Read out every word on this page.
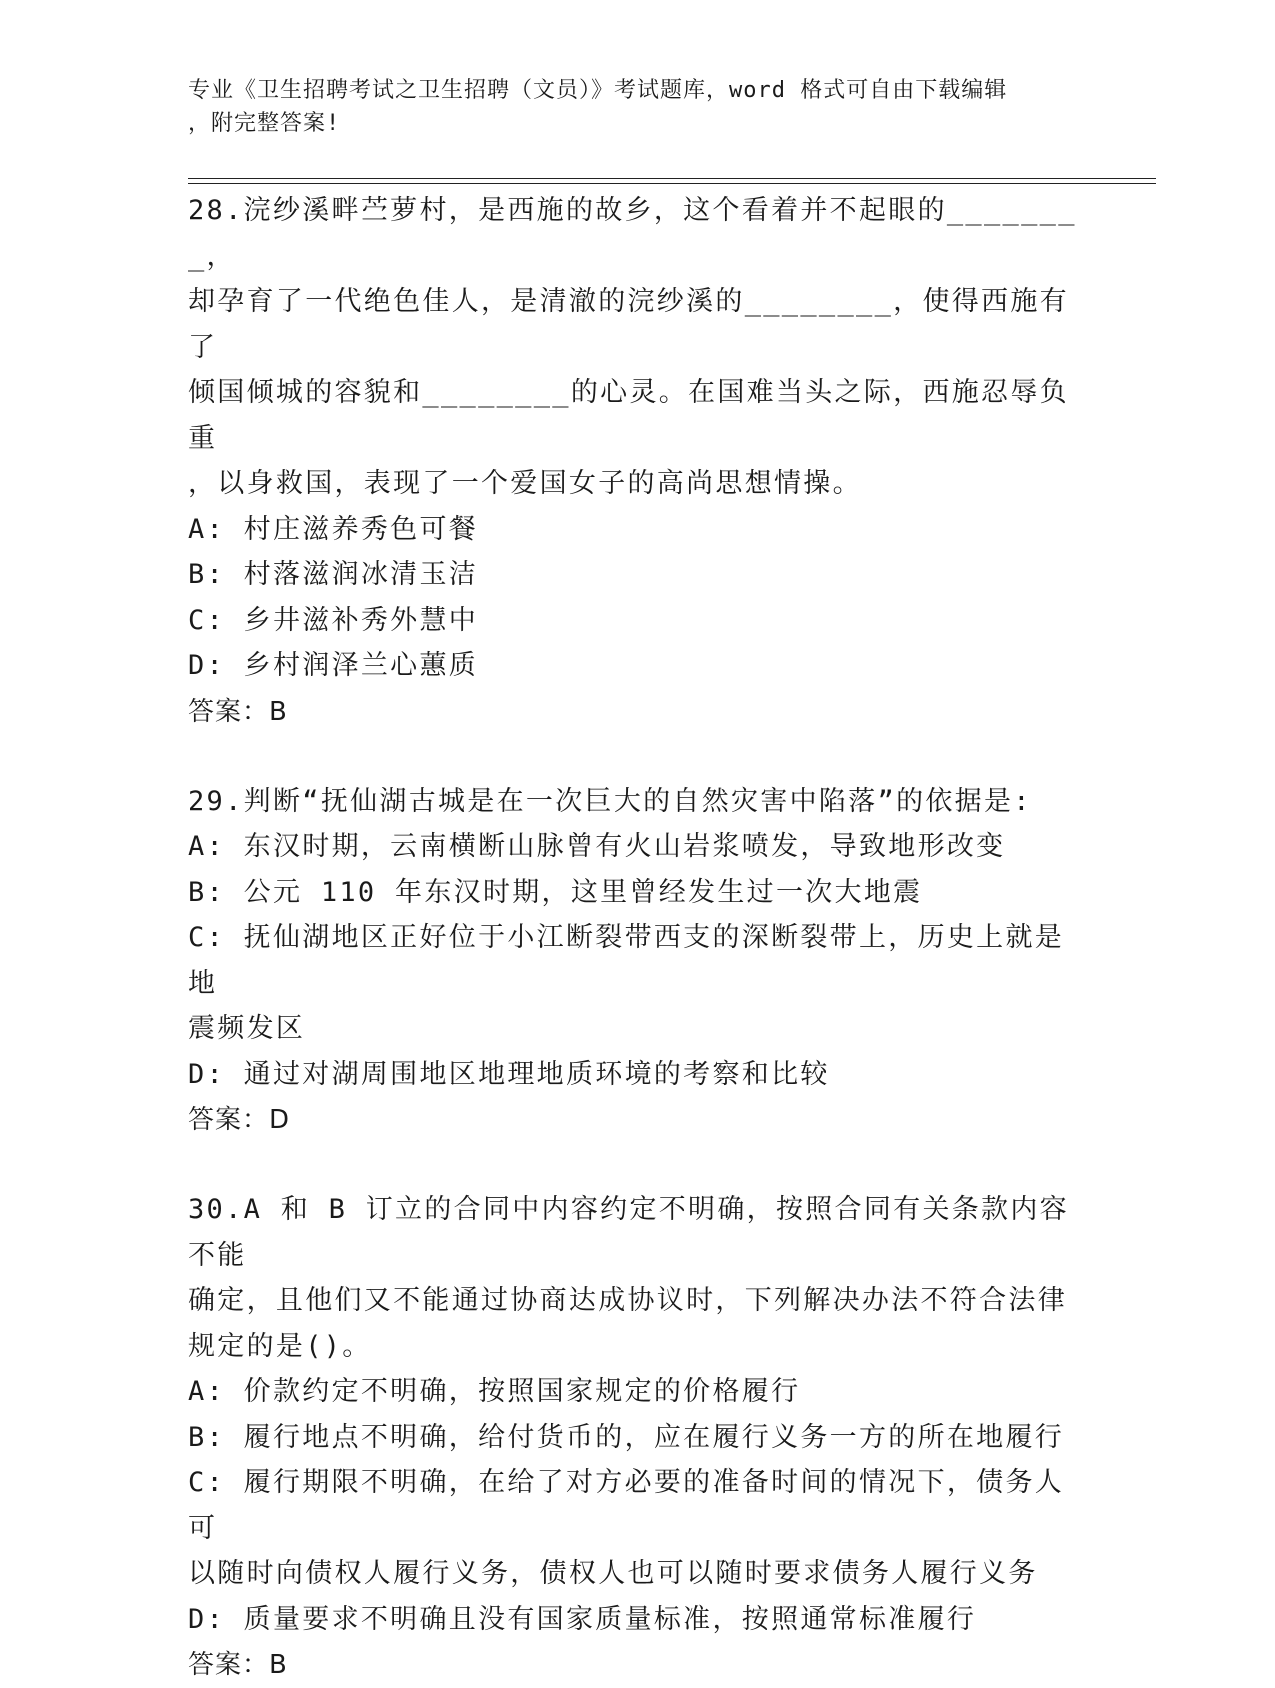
专业《卫生招聘考试之卫生招聘（文员）》考试题库，word 格式可自由下载编辑
，附完整答案!
28.浣纱溪畔苎萝村，是西施的故乡，这个看着并不起眼的________，
却孕育了一代绝色佳人，是清澈的浣纱溪的________，使得西施有了
倾国倾城的容貌和________的心灵。在国难当头之际，西施忍辱负重
，以身救国，表现了一个爱国女子的高尚思想情操。
A: 村庄滋养秀色可餐
B: 村落滋润冰清玉洁
C: 乡井滋补秀外慧中
D: 乡村润泽兰心蕙质
答案：B
29.判断“抚仙湖古城是在一次巨大的自然灾害中陷落”的依据是:
A: 东汉时期，云南横断山脉曾有火山岩浆喷发，导致地形改变
B: 公元 110 年东汉时期，这里曾经发生过一次大地震
C: 抚仙湖地区正好位于小江断裂带西支的深断裂带上，历史上就是地
震频发区
D: 通过对湖周围地区地理地质环境的考察和比较
答案：D
30.A 和 B 订立的合同中内容约定不明确，按照合同有关条款内容不能
确定，且他们又不能通过协商达成协议时，下列解决办法不符合法律
规定的是()。
A: 价款约定不明确，按照国家规定的价格履行
B: 履行地点不明确，给付货币的，应在履行义务一方的所在地履行
C: 履行期限不明确，在给了对方必要的准备时间的情况下，债务人可
以随时向债权人履行义务，债权人也可以随时要求债务人履行义务
D: 质量要求不明确且没有国家质量标准，按照通常标准履行
答案：B
